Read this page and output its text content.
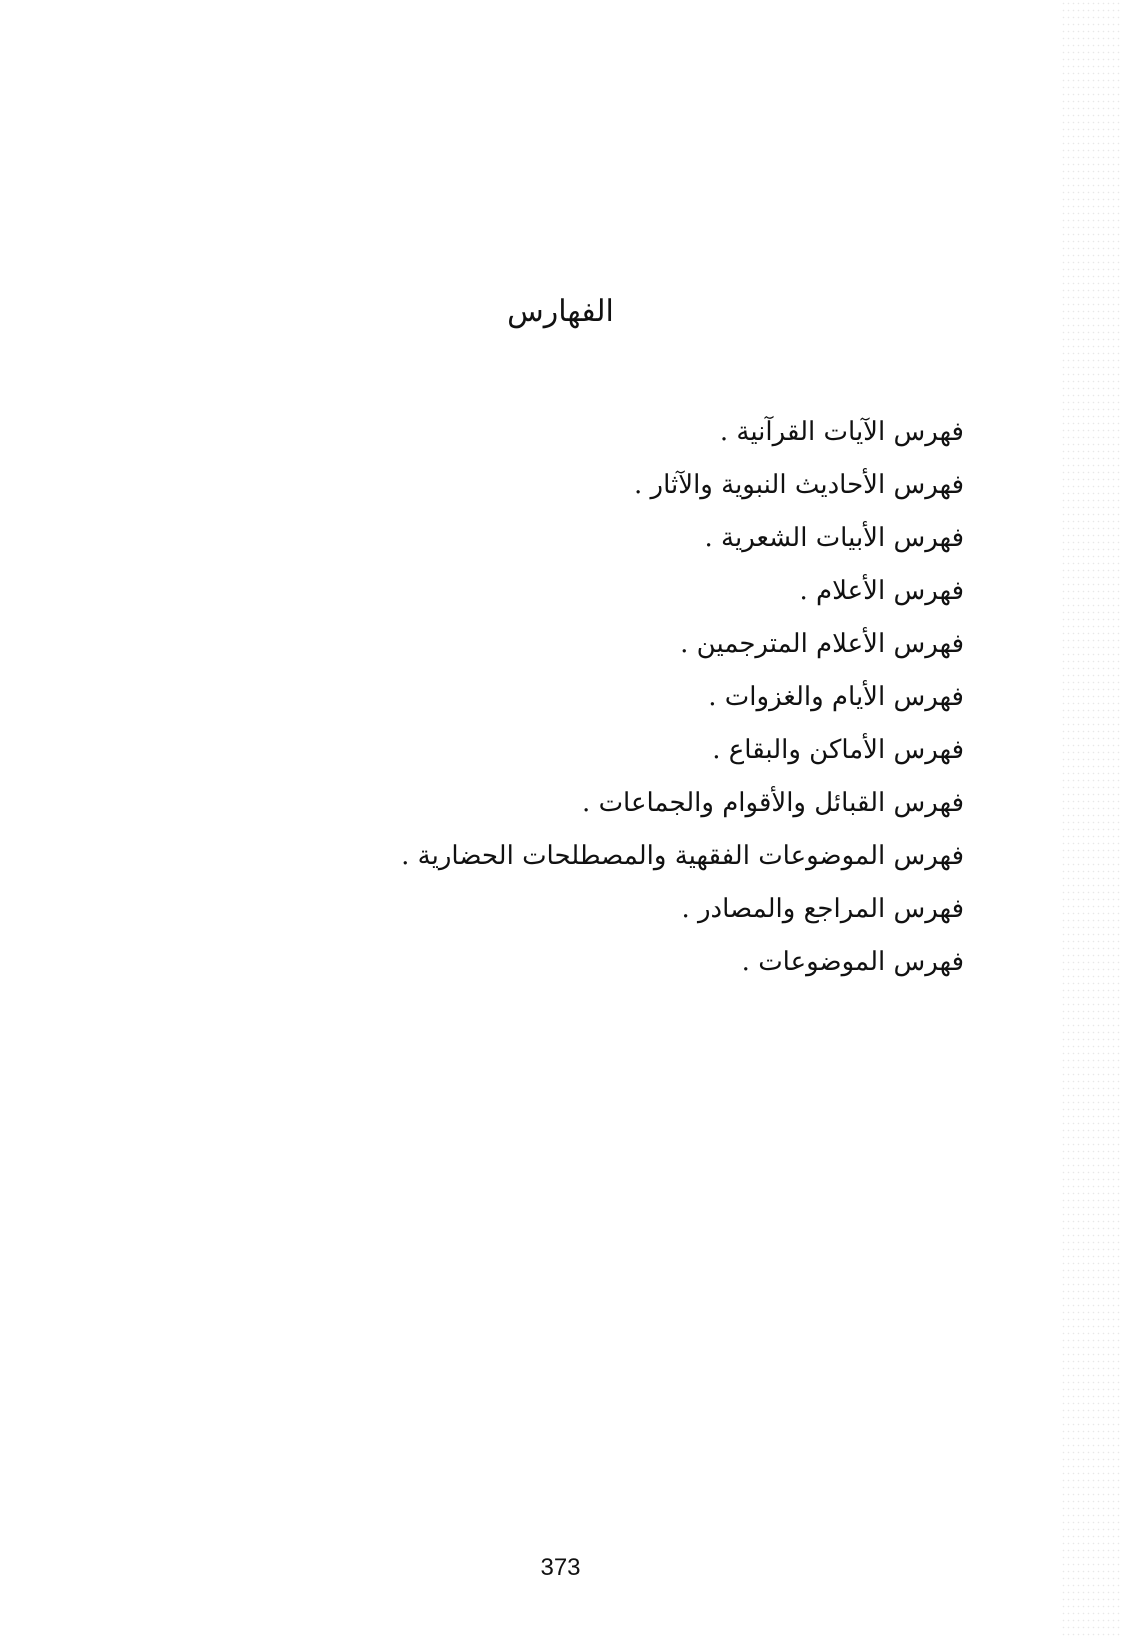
الفهارس
فهرس الآيات القرآنية .
فهرس الأحاديث النبوية والآثار .
فهرس الأبيات الشعرية .
فهرس الأعلام .
فهرس الأعلام المترجمين .
فهرس الأيام والغزوات .
فهرس الأماكن والبقاع .
فهرس القبائل والأقوام والجماعات .
فهرس الموضوعات الفقهية والمصطلحات الحضارية .
فهرس المراجع والمصادر .
فهرس الموضوعات .
373
